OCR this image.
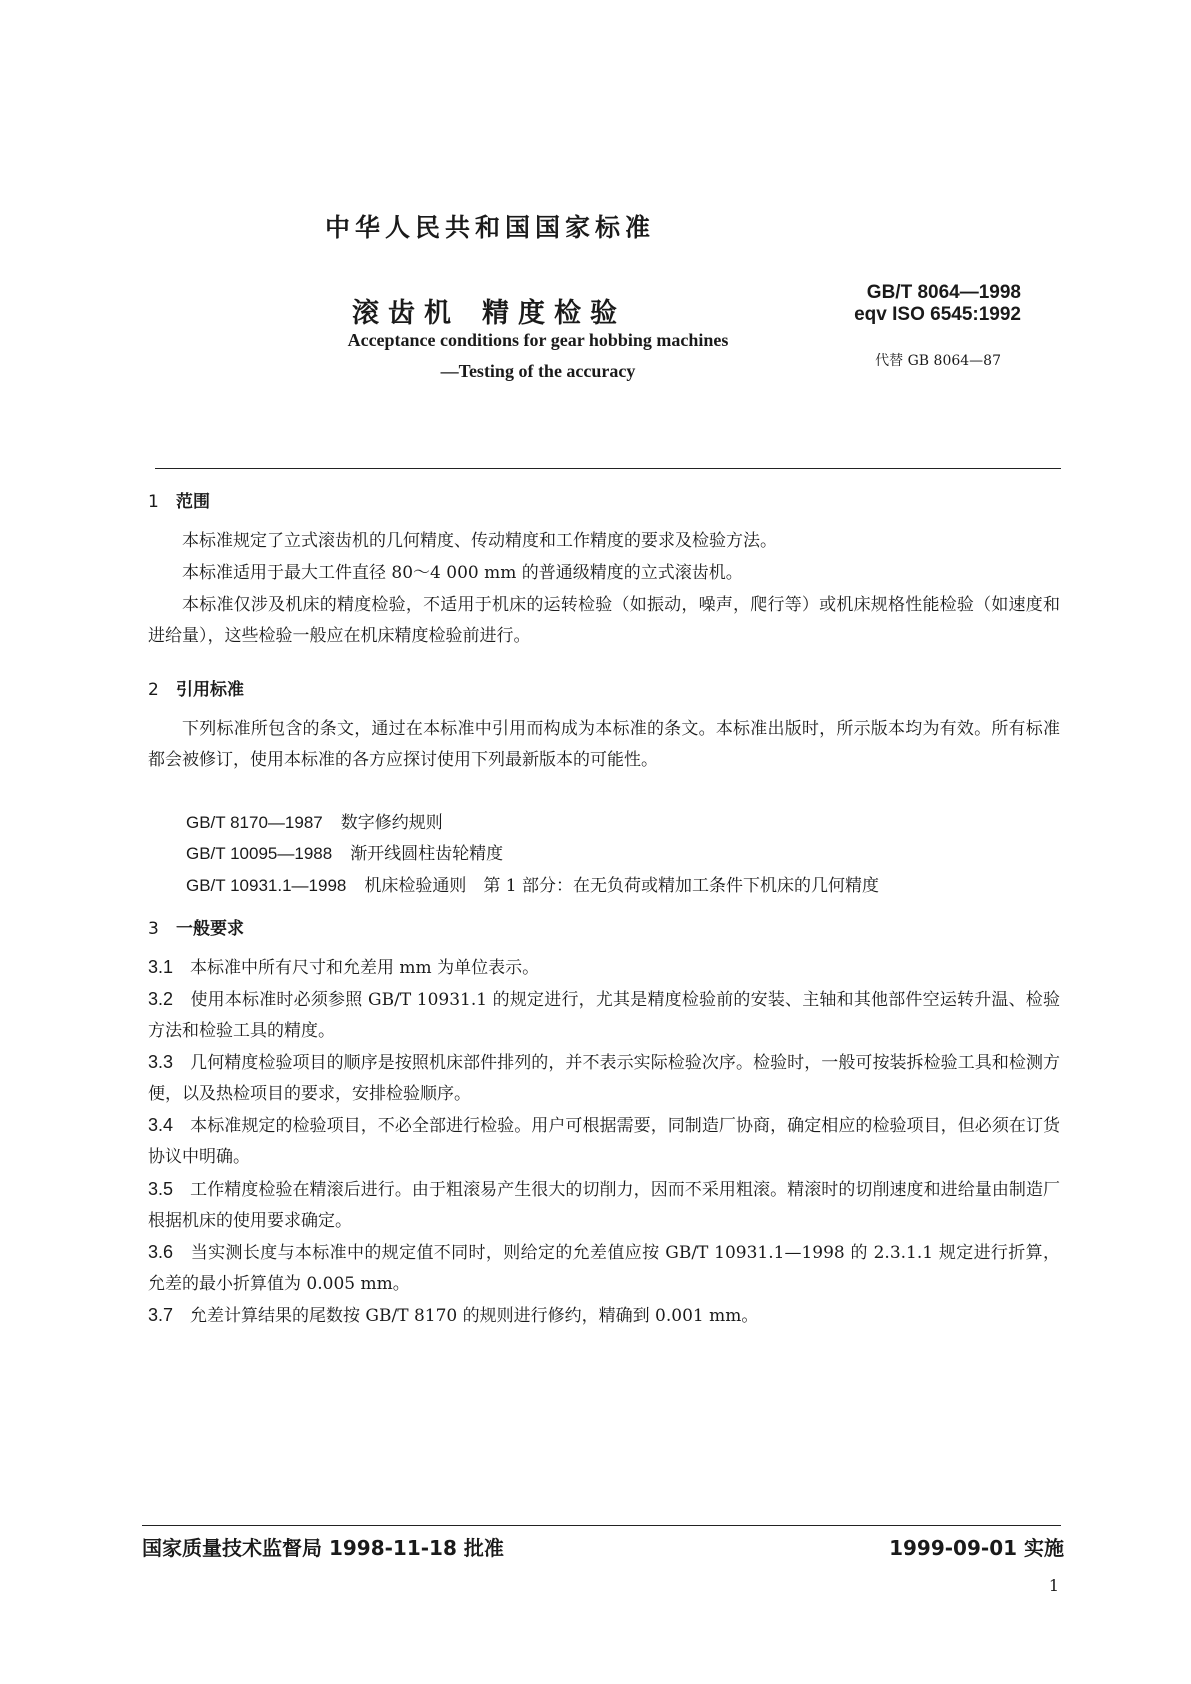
中华人民共和国国家标准
滚齿机 精度检验
GB/T 8064—1998
eqv ISO 6545:1992
代替 GB 8064—87
Acceptance conditions for gear hobbing machines
—Testing of the accuracy
1 范围
本标准规定了立式滚齿机的几何精度、传动精度和工作精度的要求及检验方法。
本标准适用于最大工件直径 80～4 000 mm 的普通级精度的立式滚齿机。
本标准仅涉及机床的精度检验，不适用于机床的运转检验（如振动，噪声，爬行等）或机床规格性能检验（如速度和进给量），这些检验一般应在机床精度检验前进行。
2 引用标准
下列标准所包含的条文，通过在本标准中引用而构成为本标准的条文。本标准出版时，所示版本均为有效。所有标准都会被修订，使用本标准的各方应探讨使用下列最新版本的可能性。
GB/T 8170—1987 数字修约规则
GB/T 10095—1988 渐开线圆柱齿轮精度
GB/T 10931.1—1998 机床检验通则　第 1 部分：在无负荷或精加工条件下机床的几何精度
3 一般要求
3.1　 本标准中所有尺寸和允差用 mm 为单位表示。
3.2　 使用本标准时必须参照 GB/T 10931.1 的规定进行，尤其是精度检验前的安装、主轴和其他部件空运转升温、检验方法和检验工具的精度。
3.3　 几何精度检验项目的顺序是按照机床部件排列的，并不表示实际检验次序。检验时，一般可按装拆检验工具和检测方便，以及热检项目的要求，安排检验顺序。
3.4　 本标准规定的检验项目，不必全部进行检验。用户可根据需要，同制造厂协商，确定相应的检验项目，但必须在订货协议中明确。
3.5　 工作精度检验在精滚后进行。由于粗滚易产生很大的切削力，因而不采用粗滚。精滚时的切削速度和进给量由制造厂根据机床的使用要求确定。
3.6　 当实测长度与本标准中的规定值不同时，则给定的允差值应按 GB/T 10931.1—1998 的 2.3.1.1 规定进行折算，允差的最小折算值为 0.005 mm。
3.7　 允差计算结果的尾数按 GB/T 8170 的规则进行修约，精确到 0.001 mm。
国家质量技术监督局 1998-11-18 批准	1999-09-01 实施
1
